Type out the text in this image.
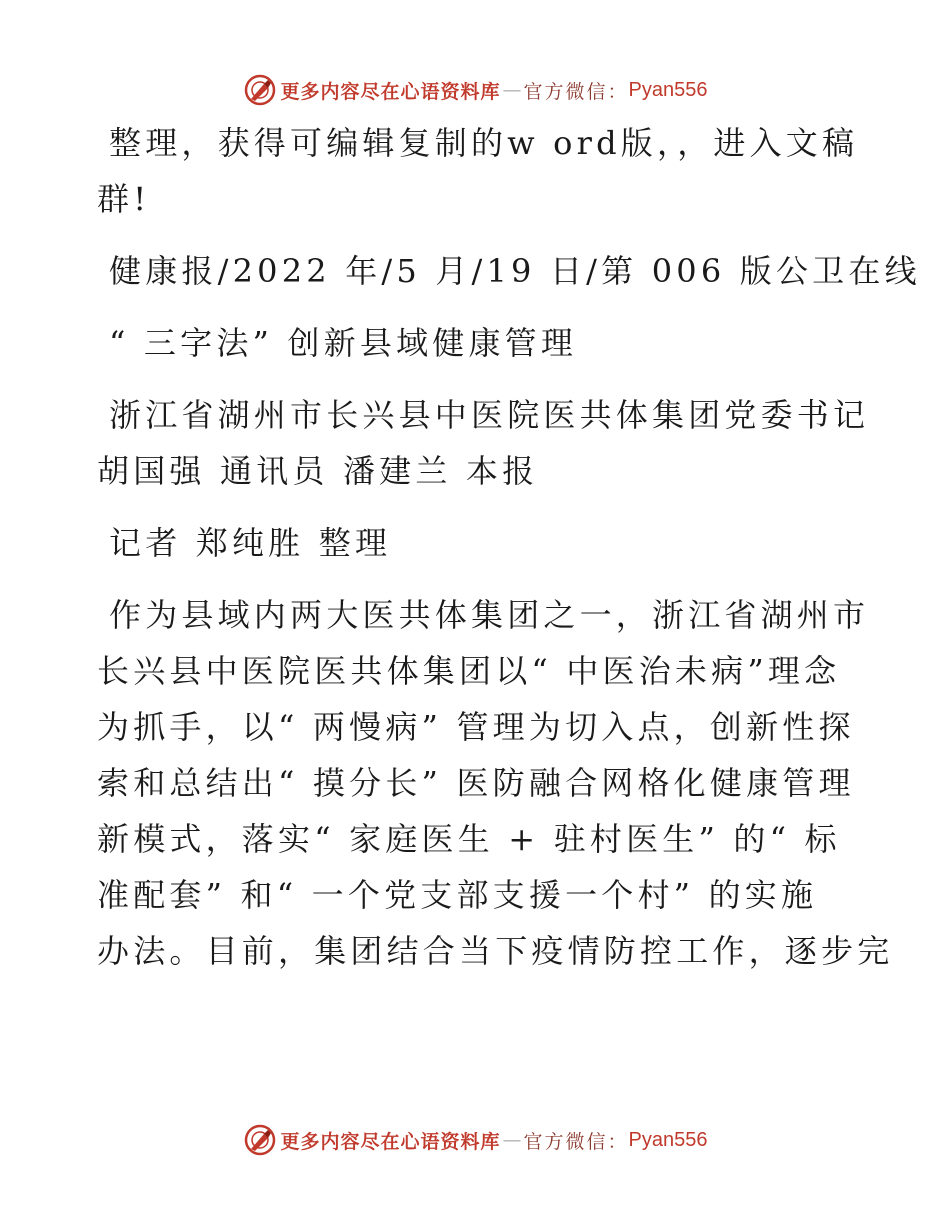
更多内容尽在心语资料库 — 官方微信： Pyan556

整理，获得可编辑复制的w ord版，，进入文稿
群!

健康报/2022 年/5 月/19 日/第 006 版公卫在线

“ 三字法” 创新县域健康管理

浙江省湖州市长兴县中医院医共体集团党委书记
胡国强 通讯员 潘建兰 本报

记者 郑纯胜 整理

作为县域内两大医共体集团之一，浙江省湖州市
长兴县中医院医共体集团以“ 中医治未病”理念
为抓手，以“ 两慢病” 管理为切入点，创新性探
索和总结出“ 摸分长” 医防融合网格化健康管理
新模式，落实“ 家庭医生 + 驻村医生” 的“ 标
准配套” 和“ 一个党支部支援一个村” 的实施
办法。目前，集团结合当下疫情防控工作，逐步完

更多内容尽在心语资料库 — 官方微信： Pyan556
